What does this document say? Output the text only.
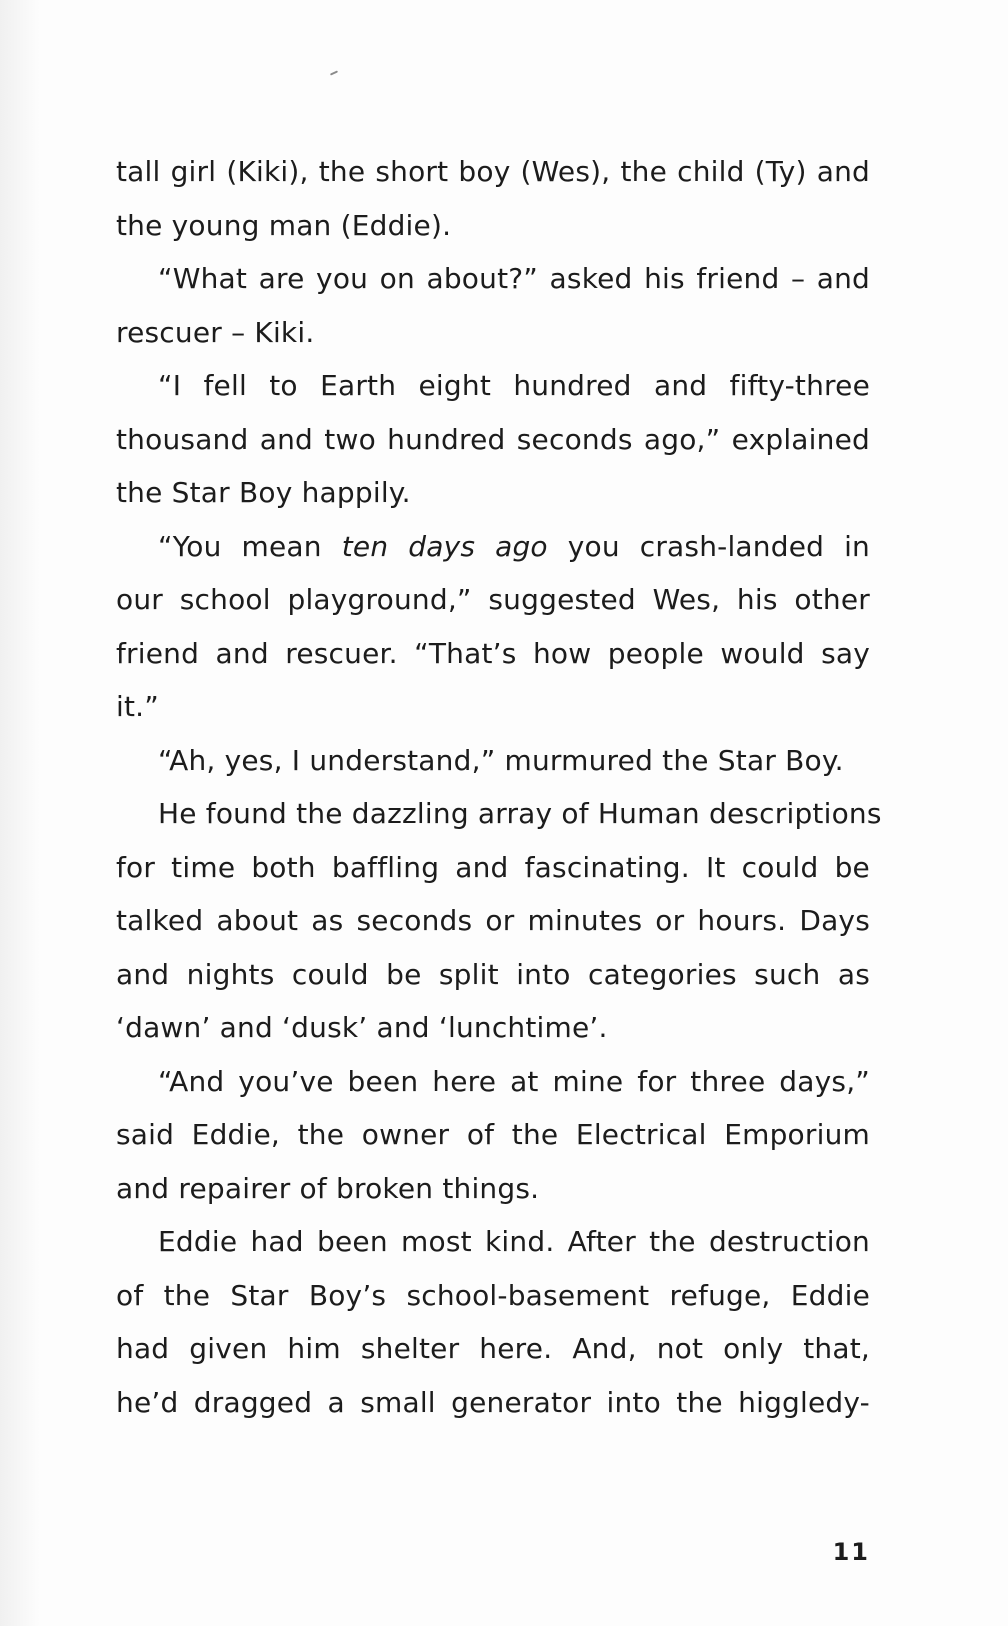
tall girl (Kiki), the short boy (Wes), the child (Ty) and
the young man (Eddie).
“What are you on about?” asked his friend – and
rescuer – Kiki.
“I fell to Earth eight hundred and fifty-three
thousand and two hundred seconds ago,” explained
the Star Boy happily.
“You mean ten days ago you crash-landed in
our school playground,” suggested Wes, his other
friend and rescuer. “That’s how people would say
it.”
“Ah, yes, I understand,” murmured the Star Boy.
He found the dazzling array of Human descriptions
for time both baffling and fascinating. It could be
talked about as seconds or minutes or hours. Days
and nights could be split into categories such as
‘dawn’ and ‘dusk’ and ‘lunchtime’.
“And you’ve been here at mine for three days,”
said Eddie, the owner of the Electrical Emporium
and repairer of broken things.
Eddie had been most kind. After the destruction
of the Star Boy’s school-basement refuge, Eddie
had given him shelter here. And, not only that,
he’d dragged a small generator into the higgledy-
11
